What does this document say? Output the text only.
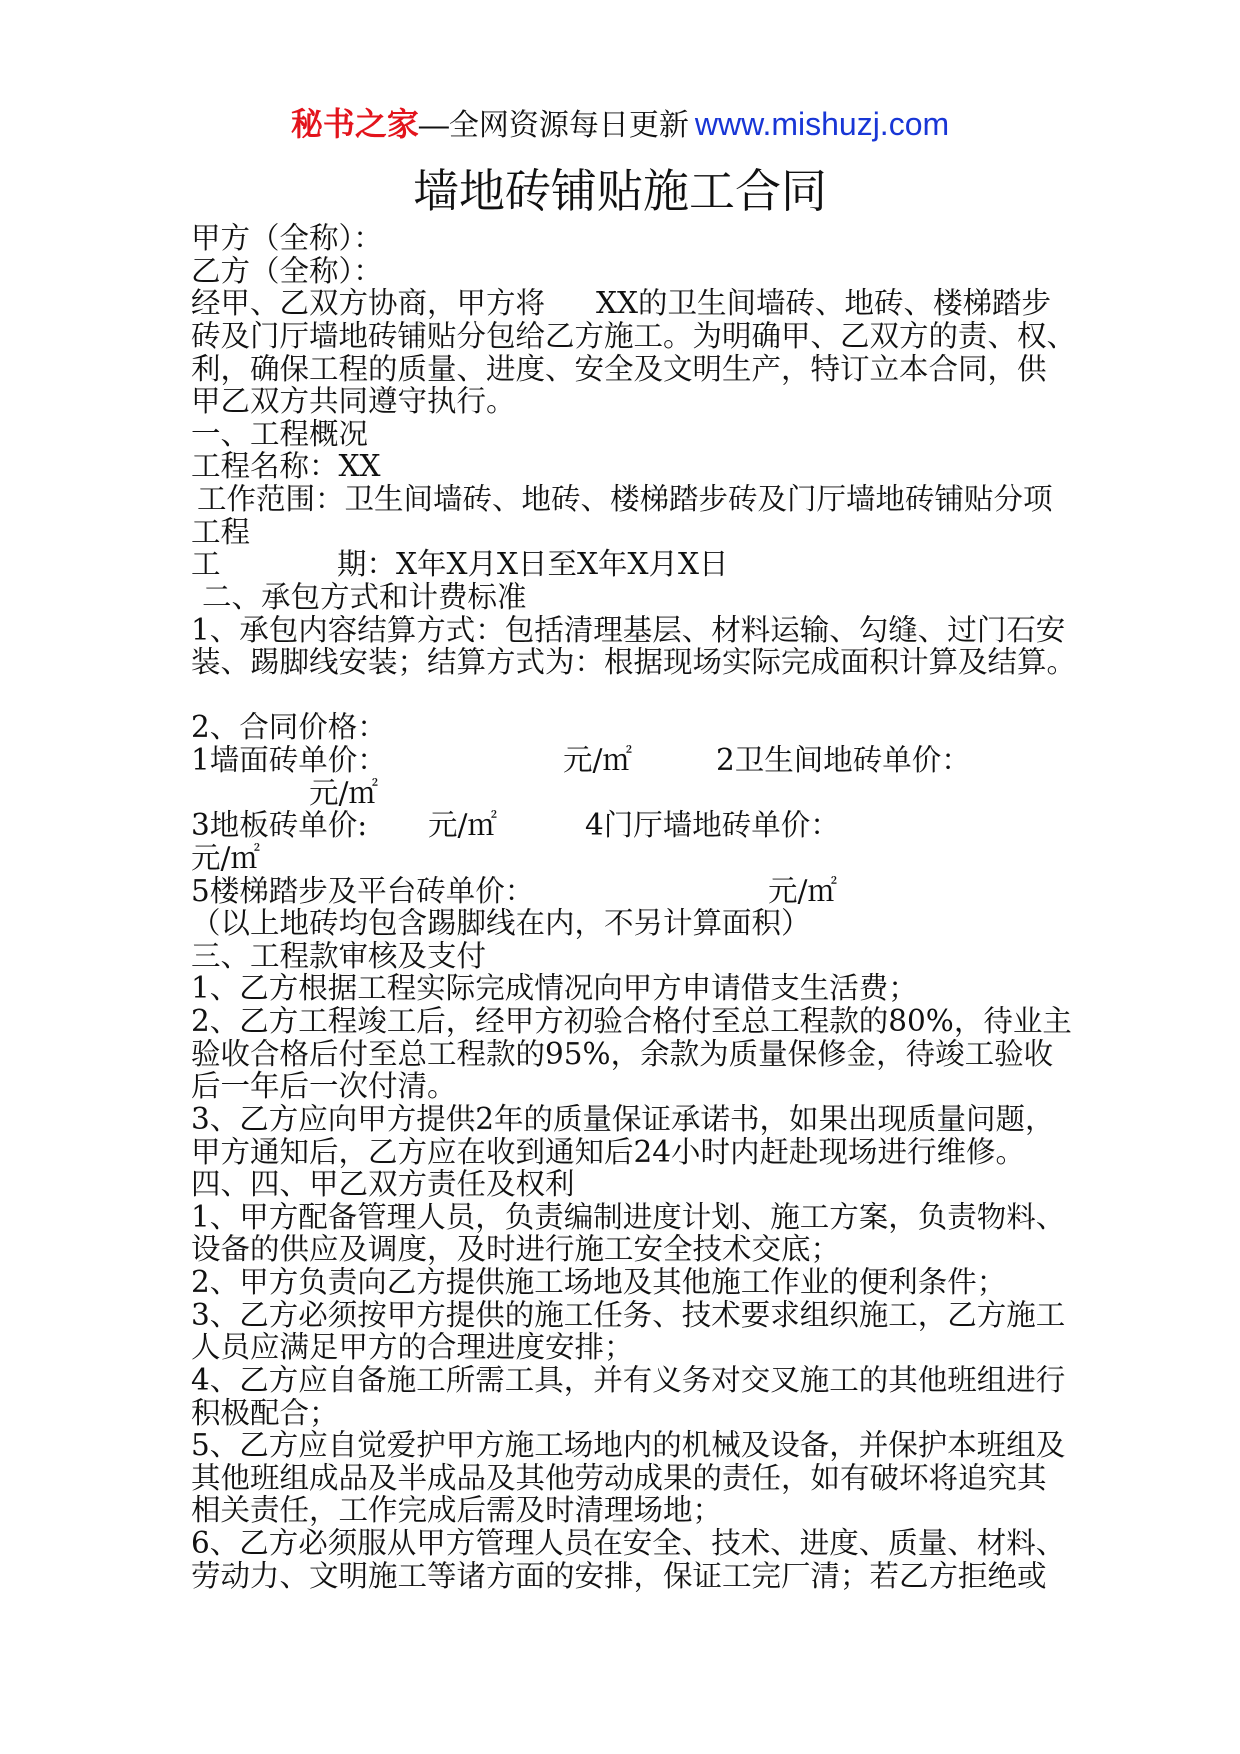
秘书之家—全网资源每日更新 www.mishuzj.com
墙地砖铺贴施工合同
甲方（全称）：
乙方（全称）：
经甲、乙双方协商，甲方将 XX的卫生间墙砖、地砖、楼梯踏步
砖及门厅墙地砖铺贴分包给乙方施工。为明确甲、乙双方的责、权、
利，确保工程的质量、进度、安全及文明生产，特订立本合同，供
甲乙双方共同遵守执行。
一、工程概况
工程名称：XX
工作范围：卫生间墙砖、地砖、楼梯踏步砖及门厅墙地砖铺贴分项
工程
工	期：X年X月X日至X年X月X日
二、承包方式和计费标准
1、承包内容结算方式：包括清理基层、材料运输、勾缝、过门石安
装、踢脚线安装；结算方式为：根据现场实际完成面积计算及结算。
2、合同价格：
1墙面砖单价：	元/㎡	2卫生间地砖单价：
元/㎡
3地板砖单价: 元/㎡	4门厅墙地砖单价：
元/㎡
5楼梯踏步及平台砖单价：	元/㎡
（以上地砖均包含踢脚线在内，不另计算面积）
三、工程款审核及支付
1、乙方根据工程实际完成情况向甲方申请借支生活费；
2、乙方工程竣工后，经甲方初验合格付至总工程款的80%，待业主
验收合格后付至总工程款的95%，余款为质量保修金，待竣工验收
后一年后一次付清。
3、乙方应向甲方提供2年的质量保证承诺书，如果出现质量问题，
甲方通知后，乙方应在收到通知后24小时内赶赴现场进行维修。
四、四、甲乙双方责任及权利
1、甲方配备管理人员，负责编制进度计划、施工方案，负责物料、
设备的供应及调度，及时进行施工安全技术交底；
2、甲方负责向乙方提供施工场地及其他施工作业的便利条件；
3、乙方必须按甲方提供的施工任务、技术要求组织施工，乙方施工
人员应满足甲方的合理进度安排；
4、乙方应自备施工所需工具，并有义务对交叉施工的其他班组进行
积极配合；
5、乙方应自觉爱护甲方施工场地内的机械及设备，并保护本班组及
其他班组成品及半成品及其他劳动成果的责任，如有破坏将追究其
相关责任，工作完成后需及时清理场地；
6、乙方必须服从甲方管理人员在安全、技术、进度、质量、材料、
劳动力、文明施工等诸方面的安排，保证工完厂清；若乙方拒绝或
